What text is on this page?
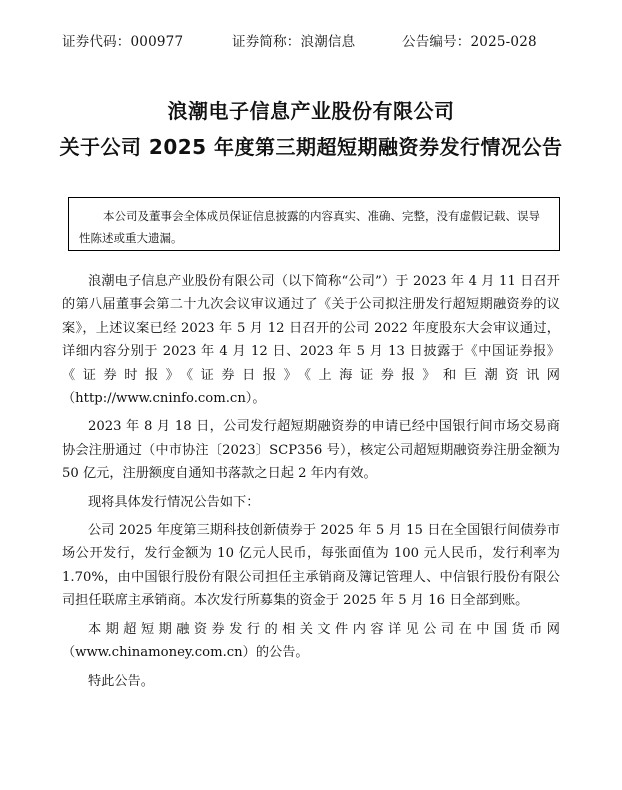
证券代码：000977	证券简称：浪潮信息	公告编号：2025-028
浪潮电子信息产业股份有限公司
关于公司 2025 年度第三期超短期融资券发行情况公告
本公司及董事会全体成员保证信息披露的内容真实、准确、完整，没有虚假记载、误导性陈述或重大遗漏。

浪潮电子信息产业股份有限公司（以下简称“公司”）于 2023 年 4 月 11 日召开的第八届董事会第二十九次会议审议通过了《关于公司拟注册发行超短期融资券的议案》，上述议案已经 2023 年 5 月 12 日召开的公司 2022 年度股东大会审议通过，详细内容分别于 2023 年 4 月 12 日、2023 年 5 月 13 日披露于《中国证券报》《证券时报》《证券日报》《上海证券报》和巨潮资讯网（http://www.cninfo.com.cn）。

2023 年 8 月 18 日，公司发行超短期融资券的申请已经中国银行间市场交易商协会注册通过（中市协注〔2023〕SCP356 号），核定公司超短期融资券注册金额为 50 亿元，注册额度自通知书落款之日起 2 年内有效。

现将具体发行情况公告如下：

公司 2025 年度第三期科技创新债券于 2025 年 5 月 15 日在全国银行间债券市场公开发行，发行金额为 10 亿元人民币，每张面值为 100 元人民币，发行利率为 1.70%，由中国银行股份有限公司担任主承销商及簿记管理人、中信银行股份有限公司担任联席主承销商。本次发行所募集的资金于 2025 年 5 月 16 日全部到账。

本期超短期融资券发行的相关文件内容详见公司在中国货币网（www.chinamoney.com.cn）的公告。

特此公告。
